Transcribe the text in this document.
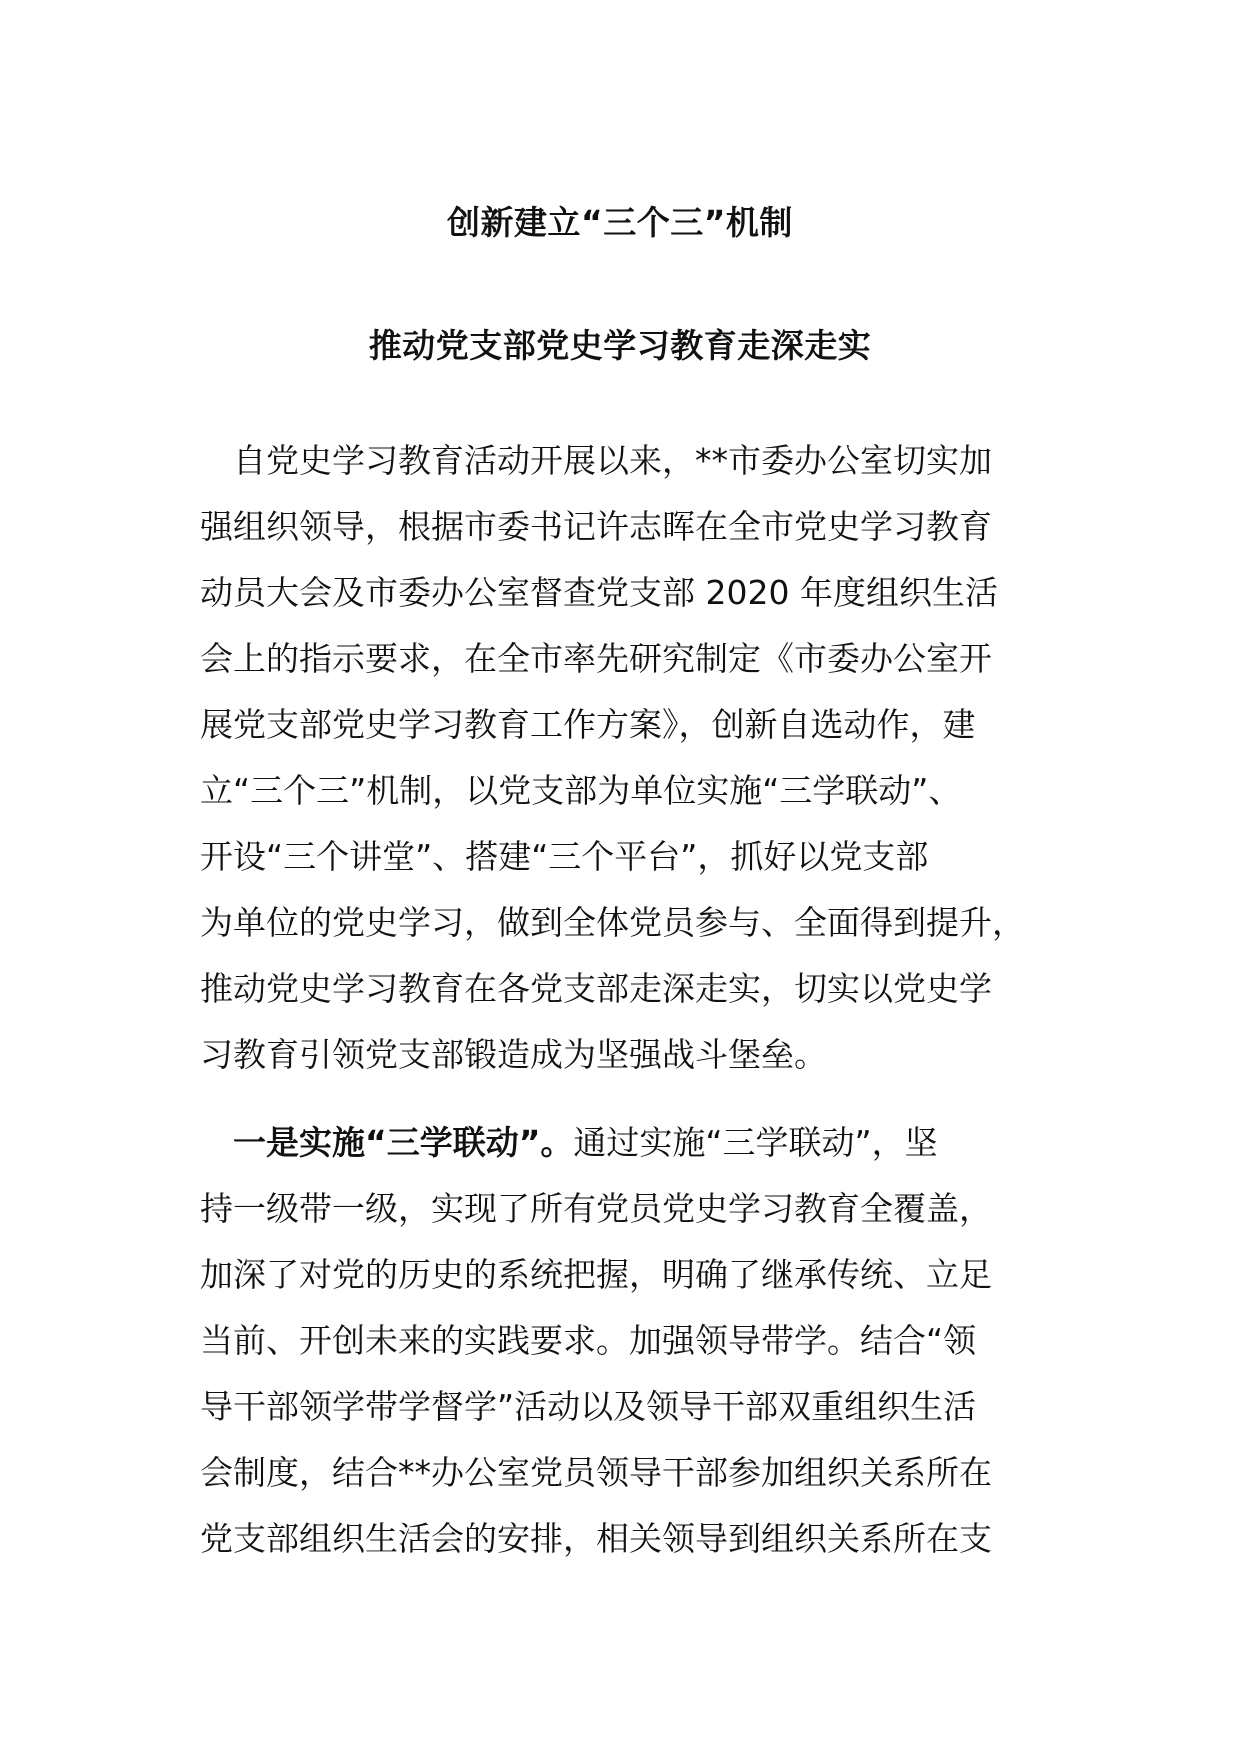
创新建立“三个三”机制
推动党支部党史学习教育走深走实
　自党史学习教育活动开展以来，**市委办公室切实加
强组织领导，根据市委书记许志晖在全市党史学习教育
动员大会及市委办公室督查党支部 2020 年度组织生活
会上的指示要求，在全市率先研究制定《市委办公室开
展党支部党史学习教育工作方案》，创新自选动作，建
立“三个三”机制，以党支部为单位实施“三学联动”、
开设“三个讲堂”、搭建“三个平台”，抓好以党支部
为单位的党史学习，做到全体党员参与、全面得到提升，
推动党史学习教育在各党支部走深走实，切实以党史学
习教育引领党支部锻造成为坚强战斗堡垒。
　一是实施“三学联动”。通过实施“三学联动”，坚
持一级带一级，实现了所有党员党史学习教育全覆盖，
加深了对党的历史的系统把握，明确了继承传统、立足
当前、开创未来的实践要求。加强领导带学。结合“领
导干部领学带学督学”活动以及领导干部双重组织生活
会制度，结合**办公室党员领导干部参加组织关系所在
党支部组织生活会的安排，相关领导到组织关系所在支
